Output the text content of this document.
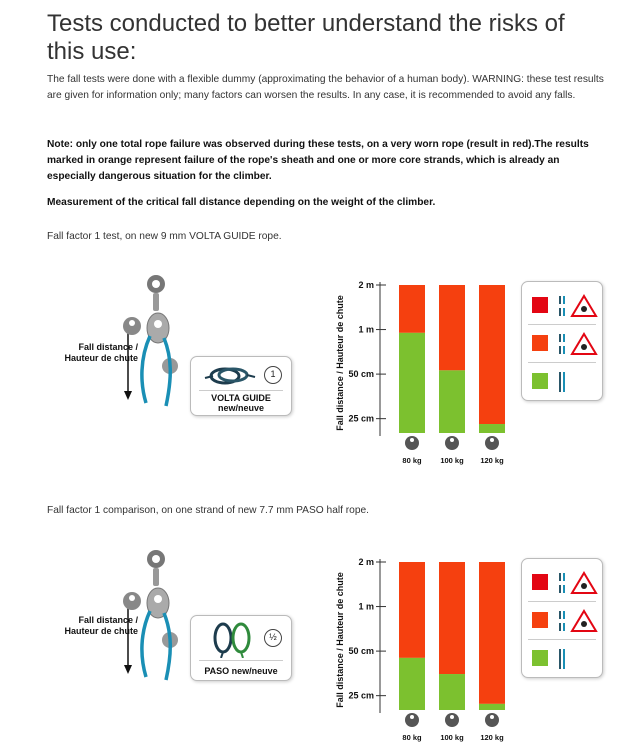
Tests conducted to better understand the risks of this use:
The fall tests were done with a flexible dummy (approximating the behavior of a human body). WARNING: these test results are given for information only; many factors can worsen the results. In any case, it is recommended to avoid any falls.
Note: only one total rope failure was observed during these tests, on a very worn rope (result in red).The results marked in orange represent failure of the rope's sheath and one or more core strands, which is already an especially dangerous situation for the climber.
Measurement of the critical fall distance depending on the weight of the climber.
Fall factor 1 test, on new 9 mm VOLTA GUIDE rope.
Fall factor 1 comparison, on one strand of new 7.7 mm PASO half rope.
Fall distance / Hauteur de chute
1
VOLTA GUIDE
new/neuve	Fall distance / Hauteur de chute 25 cm
50 cm
1 m
2 m
80 kg 100 kg 120 kg
Fall distance / Hauteur de chute
½
PASO new/neuve	Fall distance / Hauteur de chute 25 cm
50 cm
1 m
2 m
80 kg 100 kg 120 kg
